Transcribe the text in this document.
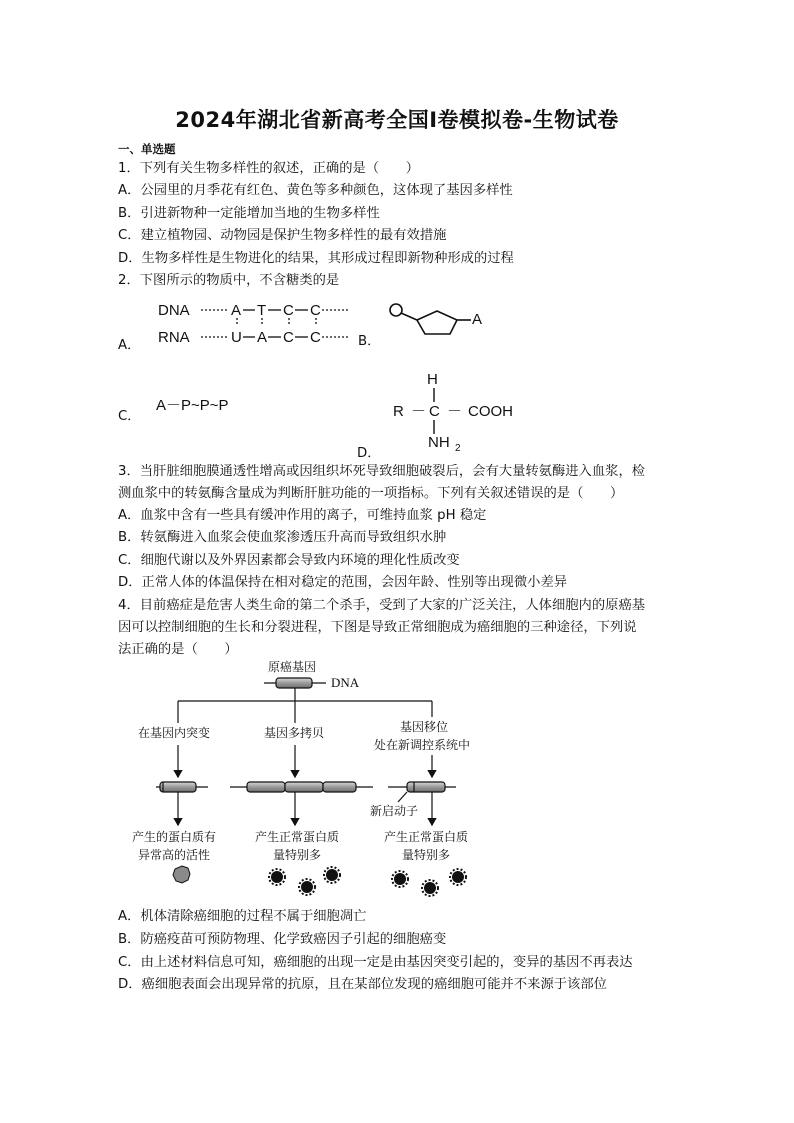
2024年湖北省新高考全国I卷模拟卷-生物试卷
一、单选题
1．下列有关生物多样性的叙述，正确的是（　　）
A．公园里的月季花有红色、黄色等多种颜色，这体现了基因多样性
B．引进新物种一定能增加当地的生物多样性
C．建立植物园、动物园是保护生物多样性的最有效措施
D．生物多样性是生物进化的结果，其形成过程即新物种形成的过程
2．下图所示的物质中，不含糖类的是
A．
DNA
RNA
A T C C
U A C C	B．
A
C．
A－P~P~P
D．
H
R － C － COOH
NH 2
3．当肝脏细胞膜通透性增高或因组织坏死导致细胞破裂后，会有大量转氨酶进入血浆，检
测血浆中的转氨酶含量成为判断肝脏功能的一项指标。下列有关叙述错误的是（　　）
A．血浆中含有一些具有缓冲作用的离子，可维持血浆 pH 稳定
B．转氨酶进入血浆会使血浆渗透压升高而导致组织水肿
C．细胞代谢以及外界因素都会导致内环境的理化性质改变
D．正常人体的体温保持在相对稳定的范围，会因年龄、性别等出现微小差异
4．目前癌症是危害人类生命的第二个杀手，受到了大家的广泛关注，人体细胞内的原癌基
因可以控制细胞的生长和分裂进程，下图是导致正常细胞成为癌细胞的三种途径，下列说
法正确的是（　　）
原癌基因
DNA
在基因内突变	基因多拷贝	基因移位
处在新调控系统中
新启动子
产生的蛋白质有
异常高的活性
产生正常蛋白质
量特别多
产生正常蛋白质
量特别多
A．机体清除癌细胞的过程不属于细胞凋亡
B．防癌疫苗可预防物理、化学致癌因子引起的细胞癌变
C．由上述材料信息可知，癌细胞的出现一定是由基因突变引起的，变异的基因不再表达
D．癌细胞表面会出现异常的抗原，且在某部位发现的癌细胞可能并不来源于该部位
